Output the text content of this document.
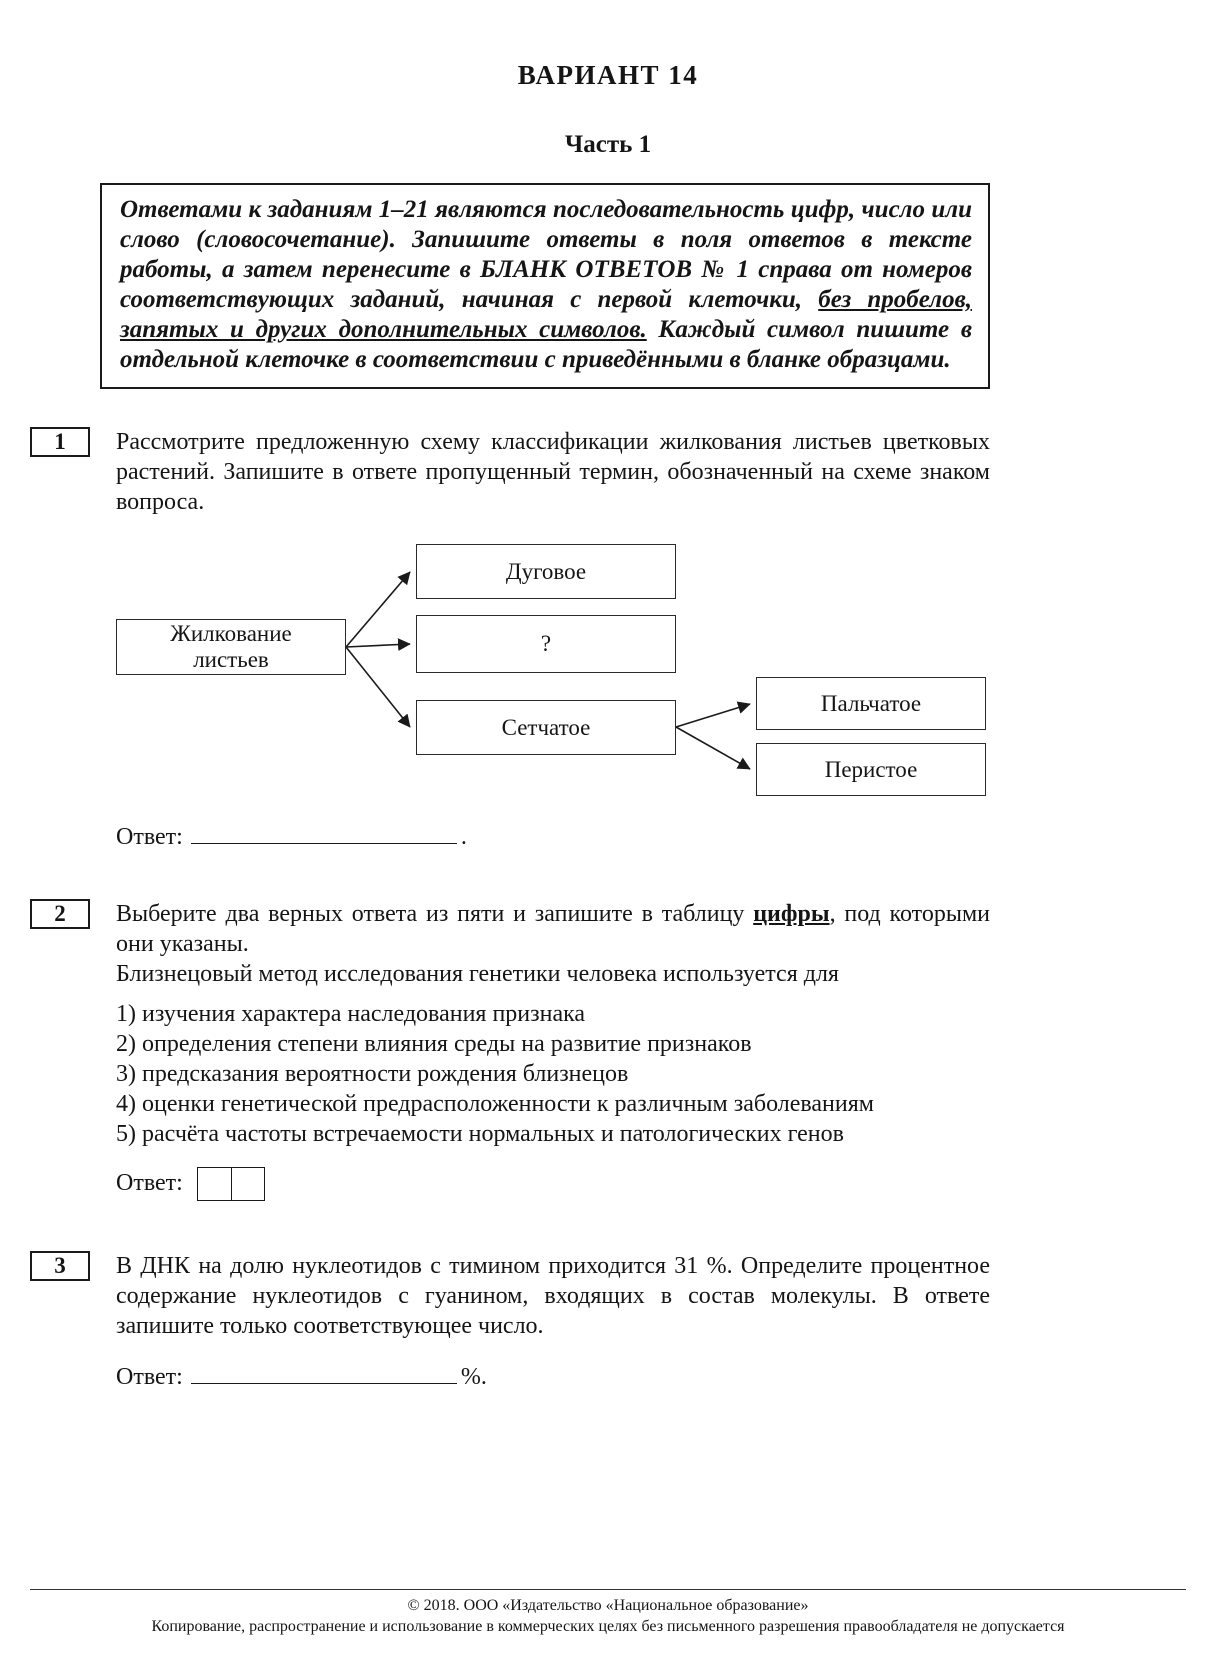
ВАРИАНТ 14
Часть 1

Ответами к заданиям 1–21 являются последовательность цифр, число или слово (словосочетание). Запишите ответы в поля ответов в тексте работы, а затем перенесите в БЛАНК ОТВЕТОВ № 1 справа от номеров соответствующих заданий, начиная с первой клеточки, без пробелов, запятых и других дополнительных символов. Каждый символ пишите в отдельной клеточке в соответствии с приведёнными в бланке образцами.

1	Рассмотрите предложенную схему классификации жилкования листьев цветковых растений. Запишите в ответе пропущенный термин, обозначенный на схеме знаком вопроса.

Жилкование
листьев
Дуговое
?
Сетчатое
Пальчатое
Перистое

Ответ:	.

2	Выберите два верных ответа из пяти и запишите в таблицу цифры, под которыми они указаны.

Близнецовый метод исследования генетики человека используется для

1) изучения характера наследования признака
2) определения степени влияния среды на развитие признаков
3) предсказания вероятности рождения близнецов
4) оценки генетической предрасположенности к различным заболеваниям
5) расчёта частоты встречаемости нормальных и патологических генов

Ответ:

3	В ДНК на долю нуклеотидов с тимином приходится 31 %. Определите процентное содержание нуклеотидов с гуанином, входящих в состав молекулы. В ответе запишите только соответствующее число.

Ответ:	%.

© 2018. ООО «Издательство «Национальное образование»
Копирование, распространение и использование в коммерческих целях без письменного разрешения правообладателя не допускается
